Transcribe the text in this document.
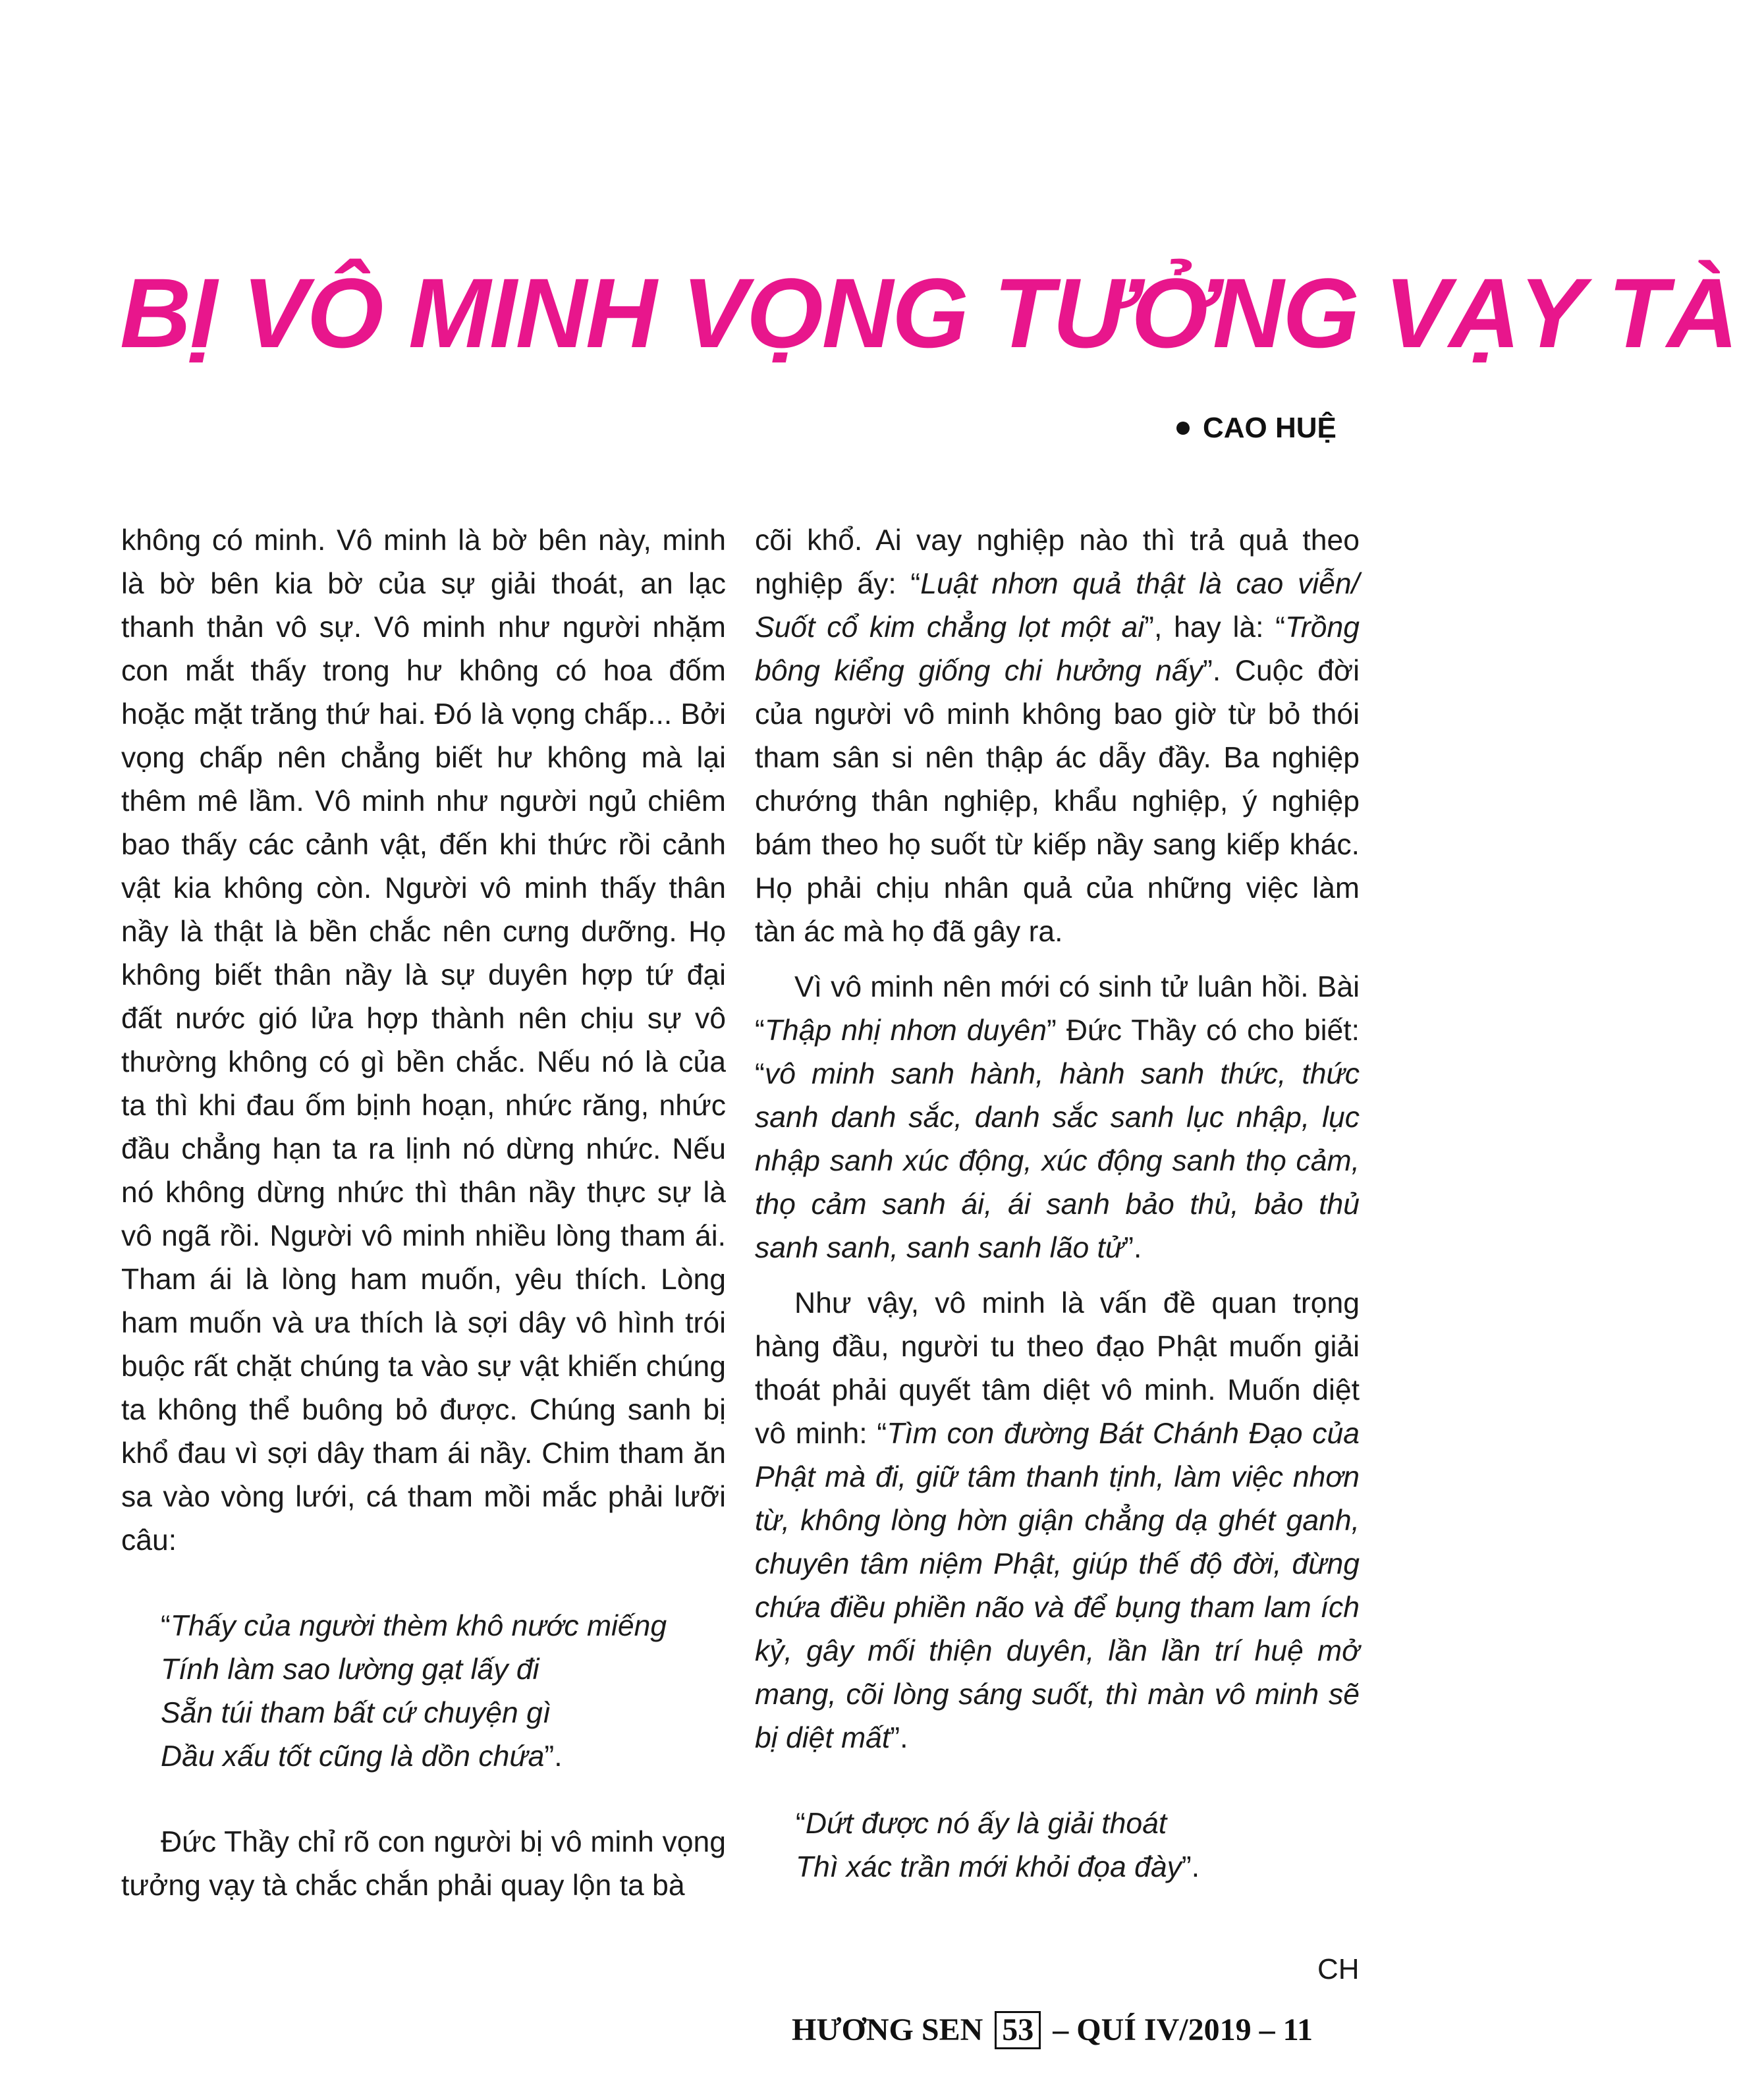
BỊ VÔ MINH VỌNG TƯỞNG VẠY TÀ
CAO HUỆ

không có minh. Vô minh là bờ bên này, minh là bờ bên kia bờ của sự giải thoát, an lạc thanh thản vô sự. Vô minh như người nhặm con mắt thấy trong hư không có hoa đốm hoặc mặt trăng thứ hai. Đó là vọng chấp... Bởi vọng chấp nên chẳng biết hư không mà lại thêm mê lầm. Vô minh như người ngủ chiêm bao thấy các cảnh vật, đến khi thức rồi cảnh vật kia không còn. Người vô minh thấy thân nầy là thật là bền chắc nên cưng dưỡng. Họ không biết thân nầy là sự duyên hợp tứ đại đất nước gió lửa hợp thành nên chịu sự vô thường không có gì bền chắc. Nếu nó là của ta thì khi đau ốm bịnh hoạn, nhức răng, nhức đầu chẳng hạn ta ra lịnh nó dừng nhức. Nếu nó không dừng nhức thì thân nầy thực sự là vô ngã rồi. Người vô minh nhiều lòng tham ái. Tham ái là lòng ham muốn, yêu thích. Lòng ham muốn và ưa thích là sợi dây vô hình trói buộc rất chặt chúng ta vào sự vật khiến chúng ta không thể buông bỏ được. Chúng sanh bị khổ đau vì sợi dây tham ái nầy. Chim tham ăn sa vào vòng lưới, cá tham mồi mắc phải lưỡi câu:

“Thấy của người thèm khô nước miếng
Tính làm sao lường gạt lấy đi
Sẵn túi tham bất cứ chuyện gì
Dầu xấu tốt cũng là dồn chứa”.

Đức Thầy chỉ rõ con người bị vô minh vọng tưởng vạy tà chắc chắn phải quay lộn ta bà

cõi khổ. Ai vay nghiệp nào thì trả quả theo nghiệp ấy: “Luật nhơn quả thật là cao viễn/ Suốt cổ kim chẳng lọt một ai”, hay là: “Trồng bông kiểng giống chi hưởng nấy”. Cuộc đời của người vô minh không bao giờ từ bỏ thói tham sân si nên thập ác dẫy đầy. Ba nghiệp chướng thân nghiệp, khẩu nghiệp, ý nghiệp bám theo họ suốt từ kiếp nầy sang kiếp khác. Họ phải chịu nhân quả của những việc làm tàn ác mà họ đã gây ra.

Vì vô minh nên mới có sinh tử luân hồi. Bài “Thập nhị nhơn duyên” Đức Thầy có cho biết: “vô minh sanh hành, hành sanh thức, thức sanh danh sắc, danh sắc sanh lục nhập, lục nhập sanh xúc động, xúc động sanh thọ cảm, thọ cảm sanh ái, ái sanh bảo thủ, bảo thủ sanh sanh, sanh sanh lão tử”.

Như vậy, vô minh là vấn đề quan trọng hàng đầu, người tu theo đạo Phật muốn giải thoát phải quyết tâm diệt vô minh. Muốn diệt vô minh: “Tìm con đường Bát Chánh Đạo của Phật mà đi, giữ tâm thanh tịnh, làm việc nhơn từ, không lòng hờn giận chẳng dạ ghét ganh, chuyên tâm niệm Phật, giúp thế độ đời, đừng chứa điều phiền não và để bụng tham lam ích kỷ, gây mối thiện duyên, lần lần trí huệ mở mang, cõi lòng sáng suốt, thì màn vô minh sẽ bị diệt mất”.

“Dứt được nó ấy là giải thoát
Thì xác trần mới khỏi đọa đày”.
CH
HƯƠNG SEN 53 – QUÍ IV/2019 – 11
